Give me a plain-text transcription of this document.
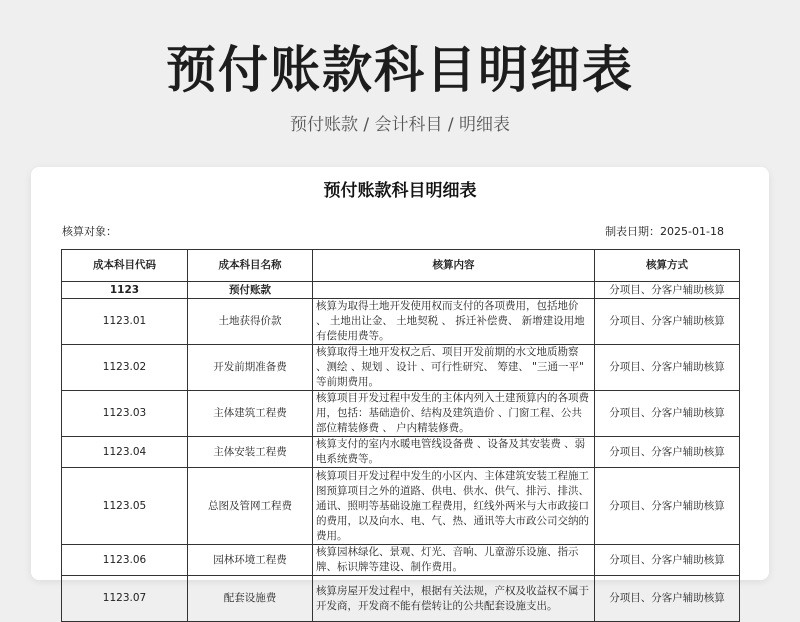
预付账款科目明细表
预付账款 / 会计科目 / 明细表
预付账款科目明细表
核算对象：	制表日期：2025-01-18
成本科目代码	成本科目名称	核算内容	核算方式
1123	预付账款		分项目、分客户辅助核算
1123.01	土地获得价款	核算为取得土地开发使用权而支付的各项费用，包括地价 、 土地出让金、 土地契税 、 拆迁补偿费、 新增建设用地有偿使用费等。	分项目、分客户辅助核算
1123.02	开发前期准备费	核算取得土地开发权之后、项目开发前期的水文地质勘察 、测绘 、规划 、设计 、可行性研究、 筹建、 "三通一平" 等前期费用。	分项目、分客户辅助核算
1123.03	主体建筑工程费	核算项目开发过程中发生的主体内列入土建预算内的各项费用，包括：基础造价、结构及建筑造价 、门窗工程、公共部位精装修费 、 户内精装修费。	分项目、分客户辅助核算
1123.04	主体安装工程费	核算支付的室内水暖电管线设备费 、设备及其安装费 、弱电系统费等。	分项目、分客户辅助核算
1123.05	总图及管网工程费	核算项目开发过程中发生的小区内、主体建筑安装工程施工图预算项目之外的道路、供电、供水、供气、排污、排洪、通讯、照明等基础设施工程费用，红线外两米与大市政接口的费用，以及向水、电、气、热、通讯等大市政公司交纳的费用。	分项目、分客户辅助核算
1123.06	园林环境工程费	核算园林绿化、景观、灯光、音响、儿童游乐设施、指示牌、标识牌等建设、制作费用。	分项目、分客户辅助核算
1123.07	配套设施费	核算房屋开发过程中，根据有关法规，产权及收益权不属于开发商，开发商不能有偿转让的公共配套设施支出。	分项目、分客户辅助核算
